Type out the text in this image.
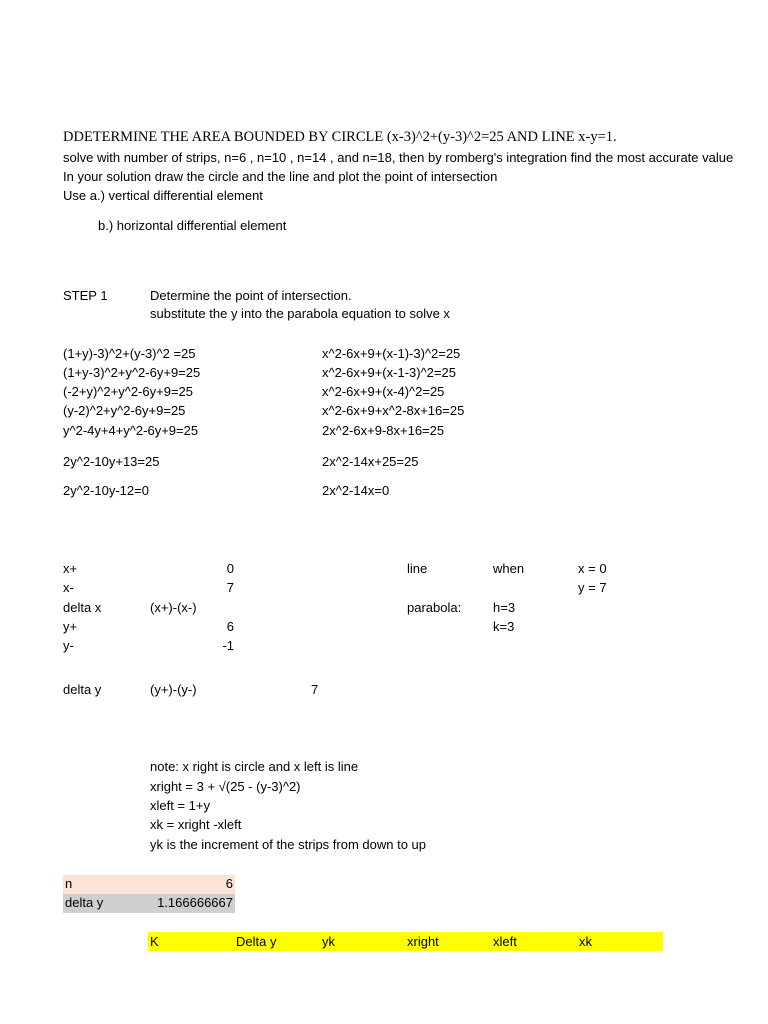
DDETERMINE THE AREA BOUNDED BY CIRCLE (x-3)^2+(y-3)^2=25 AND LINE x-y=1.
solve with number of strips, n=6 , n=10 , n=14 , and n=18, then by romberg's integration find the most accurate value
In your solution draw the circle and the line and plot the point of intersection
Use a.) vertical differential element
b.) horizontal differential element
STEP 1	Determine the point of intersection.
substitute the y into the parabola equation to solve x
(1+y)-3)^2+(y-3)^2 =25
(1+y-3)^2+y^2-6y+9=25
(-2+y)^2+y^2-6y+9=25
(y-2)^2+y^2-6y+9=25
y^2-4y+4+y^2-6y+9=25
2y^2-10y+13=25
2y^2-10y-12=0
x^2-6x+9+(x-1)-3)^2=25
x^2-6x+9+(x-1-3)^2=25
x^2-6x+9+(x-4)^2=25
x^2-6x+9+x^2-8x+16=25
2x^2-6x+9-8x+16=25
2x^2-14x+25=25
2x^2-14x=0
x+	0
x-	7
delta x	(x+)-(x-)
y+	6
y-	-1
delta y	(y+)-(y-)	7
line	when	x = 0
y = 7
parabola: h=3
k=3
note: x right is circle and x left is line
xright = 3 + √(25 - (y-3)^2)
xleft = 1+y
xk = xright -xleft
yk is the increment of the strips from down to up
n	6
delta y	1.166666667
K	Delta y	yk	xright	xleft	xk
